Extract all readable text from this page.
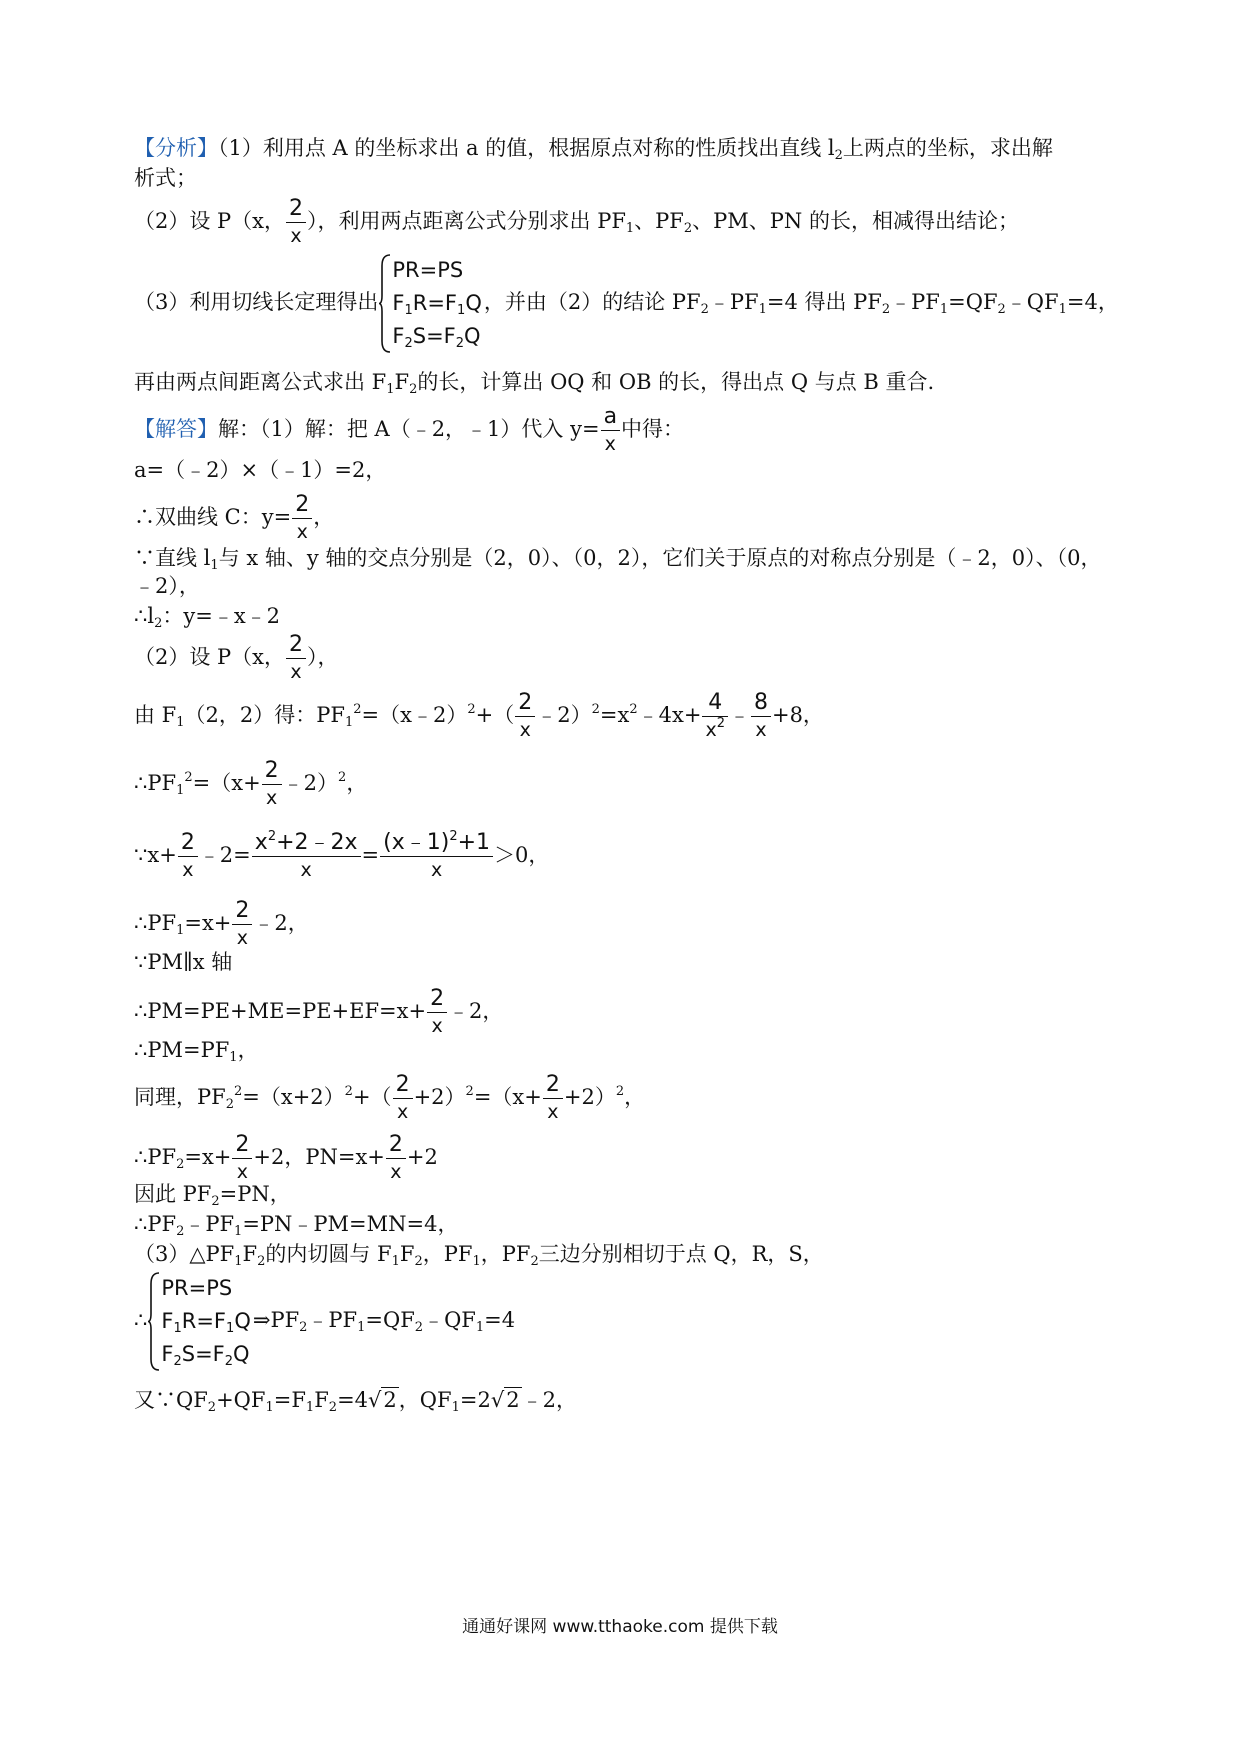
【分析】（1）利用点 A 的坐标求出 a 的值，根据原点对称的性质找出直线 $l_2$上两点的坐标，求出解
析式；
（2）设 P（x， $\frac{2}{x}$ ），利用两点距离公式分别求出 $PF_1$、$PF_2$、PM、PN 的长，相减得出结论；
（3）利用切线长定理得出
PR=PS
$F_1R=F_1Q$
$F_2S=F_2Q$
，并由（2）的结论 $PF_2﹣PF_1=4$ 得出 $PF_2﹣PF_1=QF_2﹣QF_1=4$，
再由两点间距离公式求出 $F_1F_2$的长，计算出 OQ 和 OB 的长，得出点 Q 与点 B 重合.
【解答】解：（1）解：把 A（﹣2，﹣1）代入 $y= \frac{a}{x}$ 中得：
a=（﹣2）×（﹣1）=2，
∴双曲线 C：$y= \frac{2}{x}$ ，
∵直线 $l_1$与 x 轴、y 轴的交点分别是（2，0）、（0，2），它们关于原点的对称点分别是（﹣2，0）、（0，
﹣2），
$\therefore l_2$：y=﹣x﹣2
（2）设 P（x， $\frac{2}{x}$ ），
由 $F_1(2$，2）得：$PF_1^2=(x﹣2)^2+( \frac{2}{x}$ $﹣2)^2=x^2﹣4x+ \frac{4}{x^2}$ ﹣ $\frac{8}{x} +8$，
$\therefore PF_1^2=(x+ \frac{2}{x}$ ﹣2）$^2$，
∵x+ $\frac{2}{x}$ ﹣2= $\frac{x^2+2﹣2x}{x} = \frac{(x﹣1)^2+1}{x} >0$，
$\therefore PF_1=x+ \frac{2}{x}$ ﹣2，
∵PM∥x 轴
∴PM=PE+ME=PE+EF=x+ $\frac{2}{x}$ ﹣2，
$\therefore PM=PF_1$，
同理，$PF_2^2=(x+2)^2+( \frac{2}{x} +2)^2=(x+ \frac{2}{x} +2)^2$，
$\therefore PF_2=x+ \frac{2}{x} +2$，$PN=x+ \frac{2}{x} +2$
因此 $PF_2=PN$，
$\therefore PF_2﹣PF_1=PN﹣PM=MN=4$，
$(3)\triangle PF_1F_2$的内切圆与 $F_1F_2$，$PF_1$，$PF_2$三边分别相切于点 Q，R，S，
∴
PR=PS
$F_1R=F_1Q$
$F_2S=F_2Q$
$\Rightarrow PF_2﹣PF_1=QF_2﹣QF_1=4$
又$\because QF_2+QF_1=F_1F_2=4√2$，$QF_1=2√2﹣2$，
通通好课网 www.tthaoke.com 提供下载
